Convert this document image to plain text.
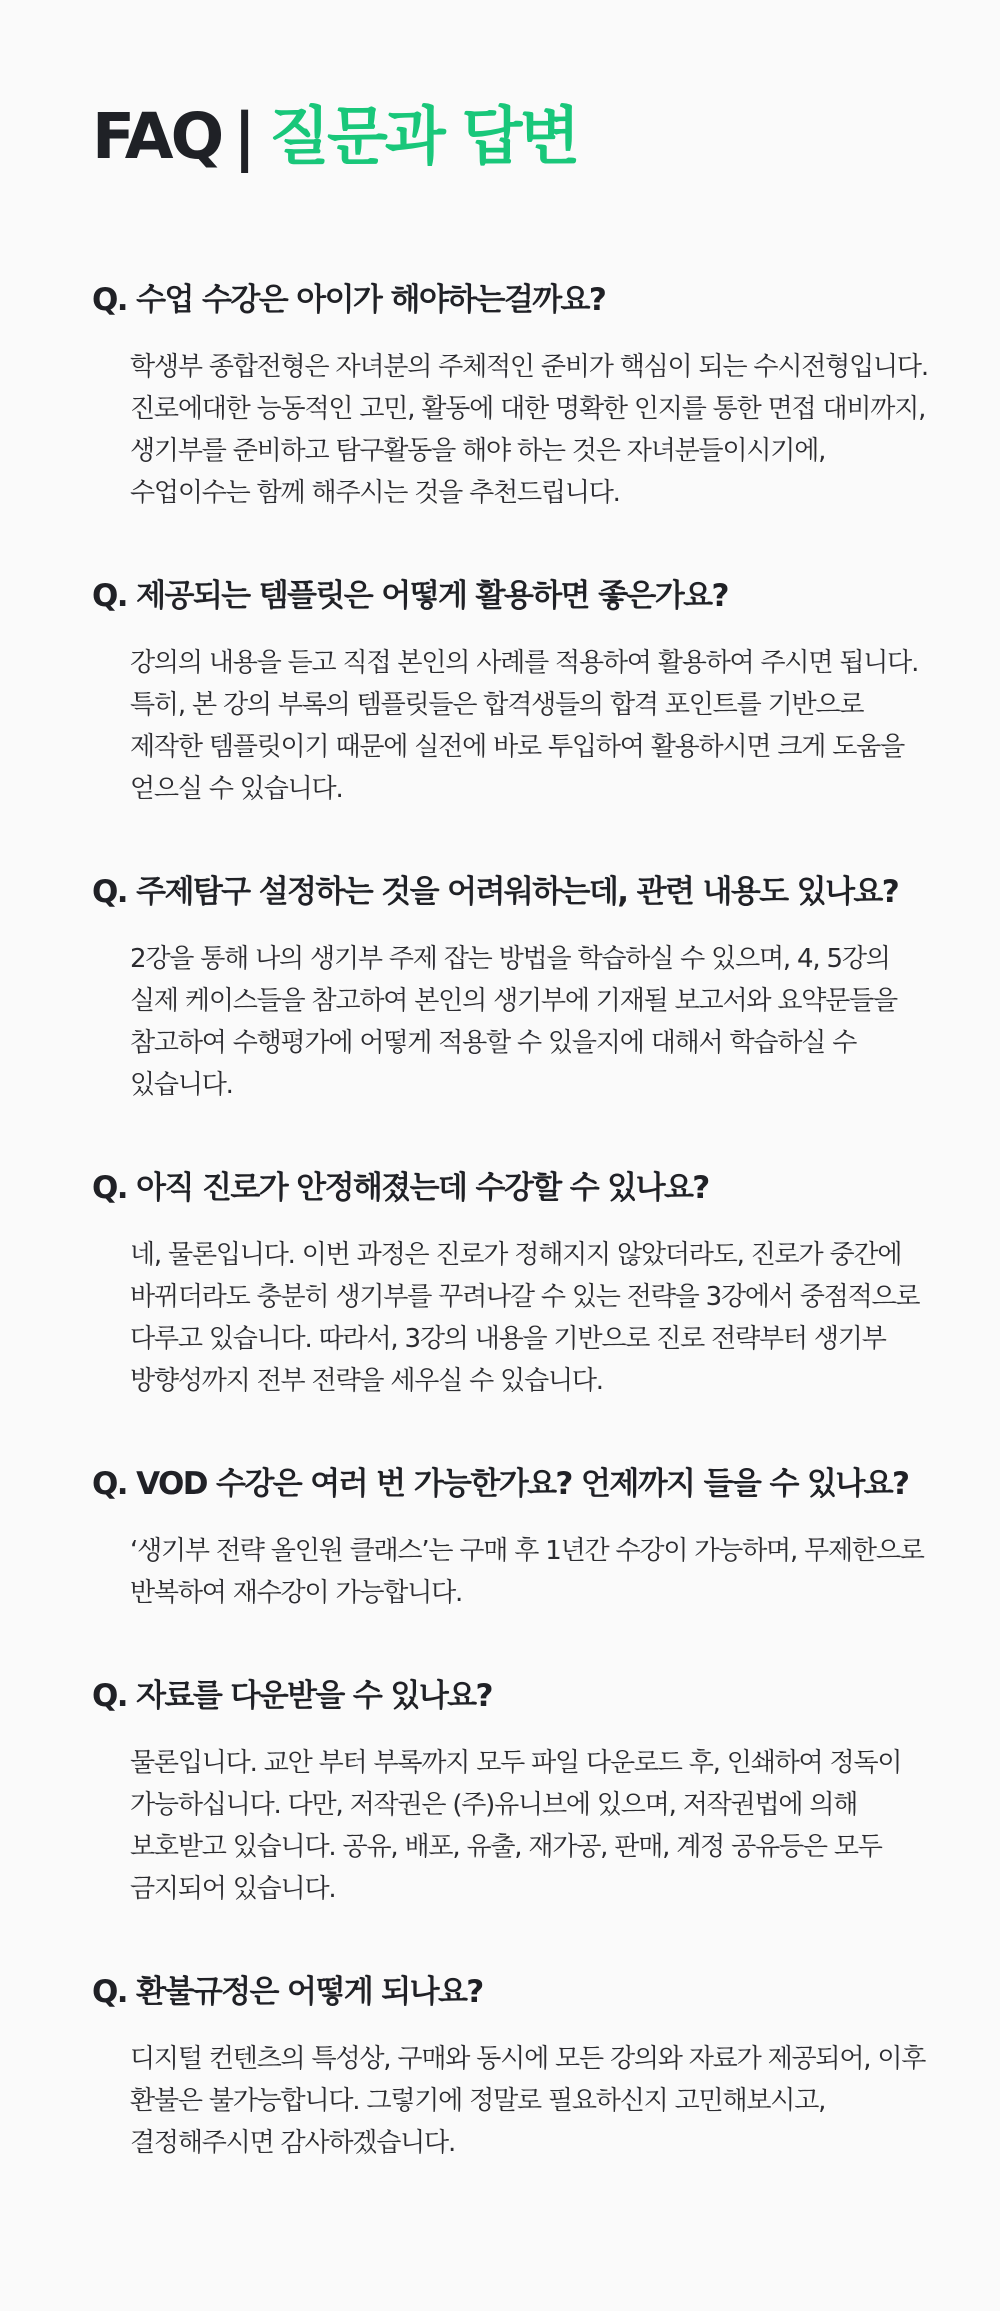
FAQ | 질문과 답변
Q. 수업 수강은 아이가 해야하는걸까요?

학생부 종합전형은 자녀분의 주체적인 준비가 핵심이 되는 수시전형입니다.진로에대한 능동적인 고민, 활동에 대한 명확한 인지를 통한 면접 대비까지,생기부를 준비하고 탐구활동을 해야 하는 것은 자녀분들이시기에, 수업이수는 함께 해주시는 것을 추천드립니다.

Q. 제공되는 템플릿은 어떻게 활용하면 좋은가요?

강의의 내용을 듣고 직접 본인의 사례를 적용하여 활용하여 주시면 됩니다. 특히, 본 강의 부록의 템플릿들은 합격생들의 합격 포인트를 기반으로 제작한 템플릿이기 때문에 실전에 바로 투입하여 활용하시면 크게 도움을 얻으실 수 있습니다.

Q. 주제탐구 설정하는 것을 어려워하는데, 관련 내용도 있나요?

2강을 통해 나의 생기부 주제 잡는 방법을 학습하실 수 있으며, 4, 5강의 실제 케이스들을 참고하여 본인의 생기부에 기재될 보고서와 요약문들을 참고하여 수행평가에 어떻게 적용할 수 있을지에 대해서 학습하실 수 있습니다.

Q. 아직 진로가 안정해졌는데 수강할 수 있나요?

네, 물론입니다. 이번 과정은 진로가 정해지지 않았더라도, 진로가 중간에 바뀌더라도 충분히 생기부를 꾸려나갈 수 있는 전략을 3강에서 중점적으로 다루고 있습니다. 따라서, 3강의 내용을 기반으로 진로 전략부터 생기부 방향성까지 전부 전략을 세우실 수 있습니다.

Q. VOD 수강은 여러 번 가능한가요? 언제까지 들을 수 있나요?

‘생기부 전략 올인원 클래스’는 구매 후 1년간 수강이 가능하며, 무제한으로 반복하여 재수강이 가능합니다.

Q. 자료를 다운받을 수 있나요?

물론입니다. 교안 부터 부록까지 모두 파일 다운로드 후, 인쇄하여 정독이 가능하십니다. 다만, 저작권은 (주)유니브에 있으며, 저작권법에 의해 보호받고 있습니다. 공유, 배포, 유출, 재가공, 판매, 계정 공유등은 모두 금지되어 있습니다.

Q. 환불규정은 어떻게 되나요?

디지털 컨텐츠의 특성상, 구매와 동시에 모든 강의와 자료가 제공되어, 이후 환불은 불가능합니다. 그렇기에 정말로 필요하신지 고민해보시고, 결정해주시면 감사하겠습니다.
